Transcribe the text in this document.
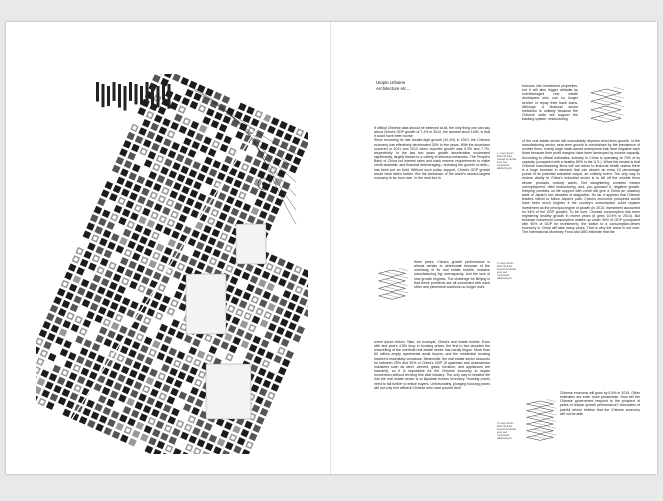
Utopie Urbaine
Architecture etc...

If official Chinese data should be believed at all, the only thing one can say about China's GDP growth of 7.4% in 2014, the slowest since 1990, is that it could have been worse.

Since recording its last double-digit growth (10.4%) in 2010, the Chinese economy has effectively decelerated 30% in five years. With the slowdown occurred in 2011 and 2012 when reported growth was 9.3% and 7.7%, respectively. In the last two years growth deceleration moderated significantly, largely thanks to a variety of stimulus measures. The People's Bank of China cut interest rates and bank reserve requirements to make credit available, and financial deleveraging—reducing the growth of debt—has been put on hold. Without such policy support, China's GDP growth would have fallen further. But the slowdown of the world's second-largest economy is far from over. In the next two to

three years, China's growth performance is almost certain to deteriorate because of the overhang of its real estate bubble, massive manufacturing big overcapacity, and the lack of new growth engines. The challenge for Beijing is that these problems are all connected with each other and piecemeal solutions no longer work

lorem ipsum dolum. Take, for example, China's real estate bubble. Even with last year's 4.5% drop in housing prices, the first in two decades the unravelling of the overbuilt real estate sector has hardly begun. More than 60 million empty apartments await buyers, and the residential housing market is essentially comatose. Meanwhile, the real estate sector accounts for between 25% and 30% of China's GDP (if upstream and downstream industries such as steel, cement, glass, furniture, and appliances are included), so it is impossible for the Chinese economy to regain momentum without reviving this vital industry. The only way to breathe life into the real estate sector is to liquidate excess inventory. Housing prices need to fall further to entice buyers. Unfortunately, plunging housing prices will not only hurt affluent Chinese who have poured their

2. Lorem ipsum Dolor Sit amet Aenean Ac lacinia eros, sed consectetur adipiscing elit.

fortunes into investment properties, but it will also trigger defaults by overleveraged real estate developers who can no longer service or repay their bank loans. Although a financial sector meltdown is unlikely because the Chinese state will support the banking system, restructuring

of the real estate sector will unavoidably depress short-term growth. In the manufacturing sector, near-term growth is constrained by the prevalence of zombie firms, mainly large state-owned enterprises that have negative cash flows because their profit margins have been destroyed by excess capacity. According to official estimates, industry in China is operating at 70% of its capacity (compared with a healthy 80% in the U.S.). What this means is that Chinese manufacturing firms will not return to financial health unless there is a huge increase in demand that can absorb an extra 10 percentage points of its potential industrial output, an unlikely event. The only way to restore vitality to China's industrial sector is to kill off the zombie firms whose products nobody wants. But slaughtering zombies means unemployment, debt restructuring, and, you guessed it, negative growth. Keeping zombies on life support with credit will give a China an uncanny taste of Japan's two decades of stagnation. So far, it appears that Chinese leaders intend to follow Japan's path. China's economic prospects would have been much brighter if the country's consumption could replace investment as the principal engine of growth (in 2013, investment accounted for 54% of the GDP growth). To be sure, Chinese consumption has been registering healthy growth in recent years (it grew 10.9% in 2014). But because household consumption makes up under 40% of GDP (compared with 50% of GDP for investment), the switch to a consumption-driven economy in China will take many years. That is why the worst is not over. The International Monetary Fund and UBS estimate that the

1. Lorem ipsum Dolor Sit amet Aenean Ac lacinia eros, sed consectetur adipiscing elit.

Chinese economy will grow by 6.8% in 2015. Other estimates are even more pessimistic. How will the Chinese government respond to the prospect of years of subpar growth performance? Advocates of painful reform believe that the Chinese economy will not be able

3. Lorem ipsum Dolor Sit amet Aenean Ac lacinia eros, sed consectetur adipiscing elit.
